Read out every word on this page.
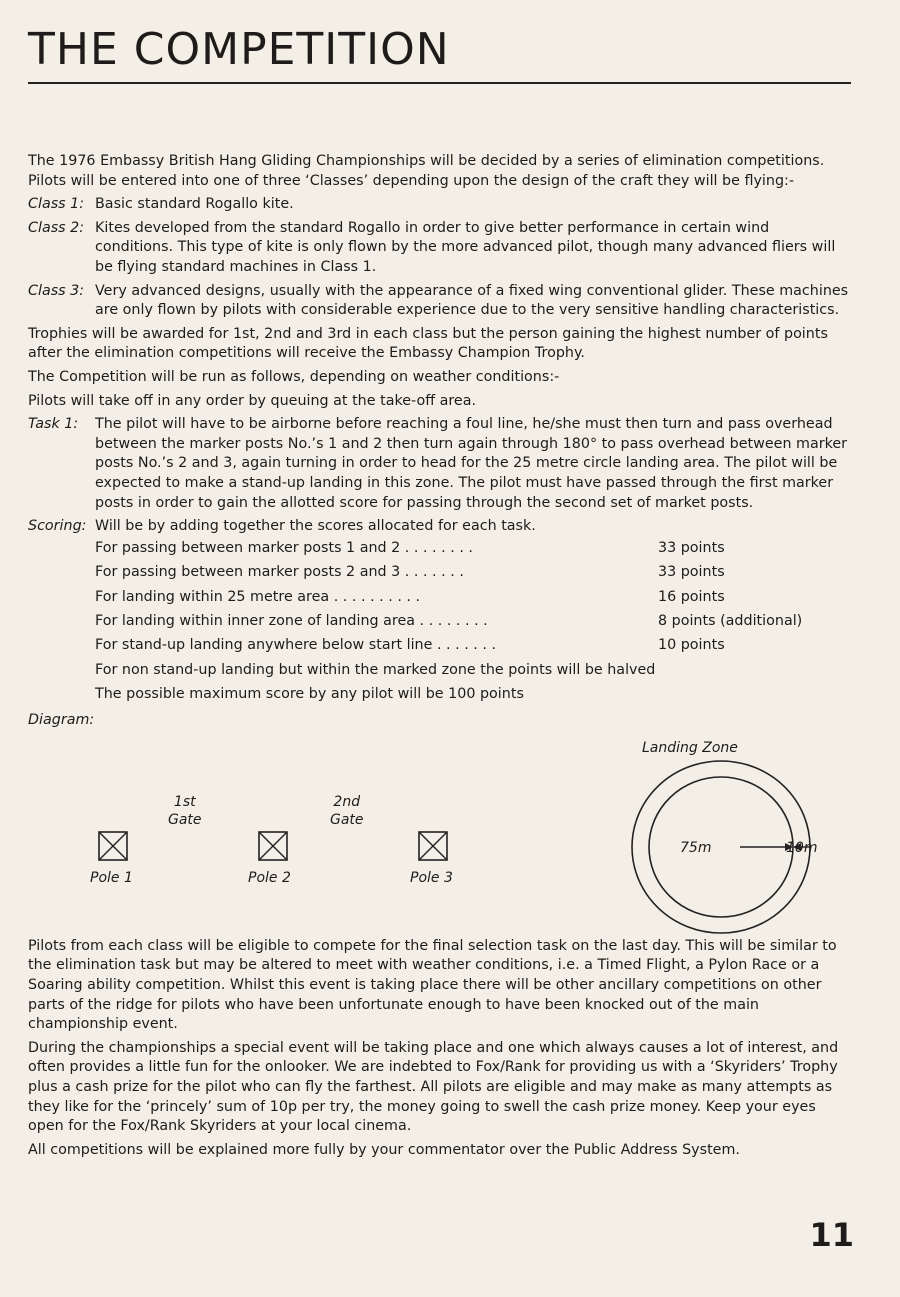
THE COMPETITION

The 1976 Embassy British Hang Gliding Championships will be decided by a series of elimination competitions. Pilots will be entered into one of three ‘Classes’ depending upon the design of the craft they will be flying:-

Class 1: Basic standard Rogallo kite.
Class 2: Kites developed from the standard Rogallo in order to give better performance in certain wind conditions. This type of kite is only flown by the more advanced pilot, though many advanced fliers will be flying standard machines in Class 1.
Class 3: Very advanced designs, usually with the appearance of a fixed wing conventional glider. These machines are only flown by pilots with considerable experience due to the very sensitive handling characteristics.

Trophies will be awarded for 1st, 2nd and 3rd in each class but the person gaining the highest number of points after the elimination competitions will receive the Embassy Champion Trophy.

The Competition will be run as follows, depending on weather conditions:-

Pilots will take off in any order by queuing at the take-off area.

Task 1:	The pilot will have to be airborne before reaching a foul line, he/she must then turn and pass overhead between the marker posts No.’s 1 and 2 then turn again through 180° to pass overhead between marker posts No.’s 2 and 3, again turning in order to head for the 25 metre circle landing area. The pilot will be expected to make a stand-up landing in this zone. The pilot must have passed through the first marker posts in order to gain the allotted score for passing through the second set of market posts.
Scoring: Will be by adding together the scores allocated for each task.
For passing between marker posts 1 and 2 . . . . . . . .	33 points
For passing between marker posts 2 and 3 . . . . . . .	33 points
For landing within 25 metre area . . . . . . . . . .	16 points
For landing within inner zone of landing area . . . . . . . .	8 points (additional)
For stand-up landing anywhere below start line . . . . . . .	10 points
For non stand-up landing but within the marked zone the points will be halved
The possible maximum score by any pilot will be 100 points
Diagram:
1st
Gate
2nd
Gate
Pole 1	Pole 2	Pole 3
Landing Zone
75m	10m

Pilots from each class will be eligible to compete for the final selection task on the last day. This will be similar to the elimination task but may be altered to meet with weather conditions, i.e. a Timed Flight, a Pylon Race or a Soaring ability competition. Whilst this event is taking place there will be other ancillary competitions on other parts of the ridge for pilots who have been unfortunate enough to have been knocked out of the main championship event.

During the championships a special event will be taking place and one which always causes a lot of interest, and often provides a little fun for the onlooker. We are indebted to Fox/Rank for providing us with a ‘Skyriders’ Trophy plus a cash prize for the pilot who can fly the farthest. All pilots are eligible and may make as many attempts as they like for the ‘princely’ sum of 10p per try, the money going to swell the cash prize money. Keep your eyes open for the Fox/Rank Skyriders at your local cinema.

All competitions will be explained more fully by your commentator over the Public Address System.

11
